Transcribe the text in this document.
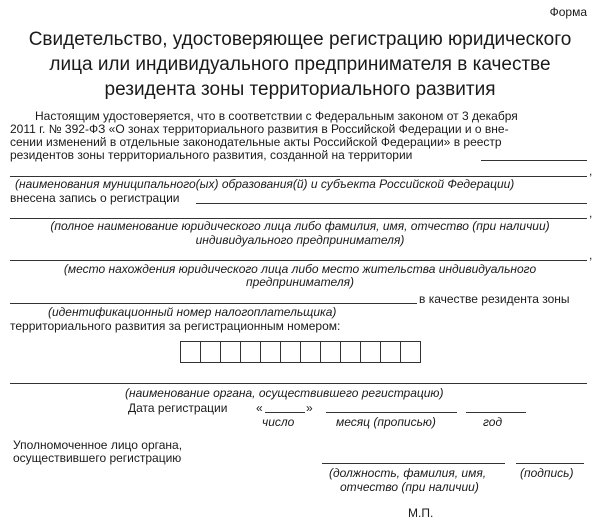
Форма
Свидетельство, удостоверяющее регистрацию юридического
лица или индивидуального предпринимателя в качестве
резидента зоны территориального развития
Настоящим удостоверяется, что в соответствии с Федеральным законом от 3 декабря
2011 г. № 392-ФЗ «О зонах территориального развития в Российской Федерации и о вне-
сении изменений в отдельные законодательные акты Российской Федерации» в реестр
резидентов зоны территориального развития, созданной на территории
,
(наименования муниципального(ых) образования(й) и субъекта Российской Федерации)
внесена запись о регистрации
,
(полное наименование юридического лица либо фамилия, имя, отчество (при наличии)
индивидуального предпринимателя)
,
(место нахождения юридического лица либо место жительства индивидуального
предпринимателя)
в качестве резидента зоны
(идентификационный номер налогоплательщика)
территориального развития за регистрационным номером:
(наименование органа, осуществившего регистрацию)
Дата регистрации «	»
число	месяц (прописью)	год
Уполномоченное лицо органа,
осуществившего регистрацию
(должность, фамилия, имя,
отчество (при наличии)
(подпись)
М.П.
